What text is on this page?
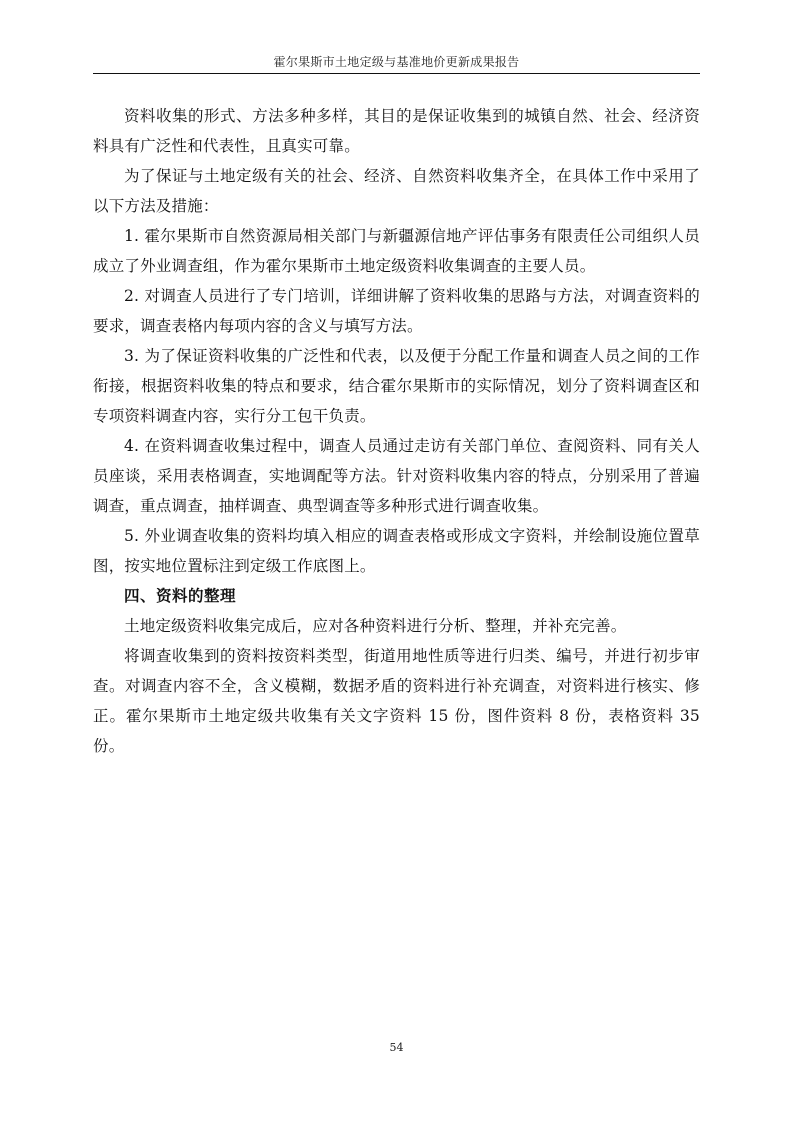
霍尔果斯市土地定级与基准地价更新成果报告

资料收集的形式、方法多种多样，其目的是保证收集到的城镇自然、社会、经济资料具有广泛性和代表性，且真实可靠。

为了保证与土地定级有关的社会、经济、自然资料收集齐全，在具体工作中采用了以下方法及措施：

1. 霍尔果斯市自然资源局相关部门与新疆源信地产评估事务有限责任公司组织人员成立了外业调查组，作为霍尔果斯市土地定级资料收集调查的主要人员。

2. 对调查人员进行了专门培训，详细讲解了资料收集的思路与方法，对调查资料的要求，调查表格内每项内容的含义与填写方法。

3. 为了保证资料收集的广泛性和代表，以及便于分配工作量和调查人员之间的工作衔接，根据资料收集的特点和要求，结合霍尔果斯市的实际情况，划分了资料调查区和专项资料调查内容，实行分工包干负责。

4. 在资料调查收集过程中，调查人员通过走访有关部门单位、查阅资料、同有关人员座谈，采用表格调查，实地调配等方法。针对资料收集内容的特点，分别采用了普遍调查，重点调查，抽样调查、典型调查等多种形式进行调查收集。

5. 外业调查收集的资料均填入相应的调查表格或形成文字资料，并绘制设施位置草图，按实地位置标注到定级工作底图上。

四、资料的整理

土地定级资料收集完成后，应对各种资料进行分析、整理，并补充完善。

将调查收集到的资料按资料类型，街道用地性质等进行归类、编号，并进行初步审查。对调查内容不全，含义模糊，数据矛盾的资料进行补充调查，对资料进行核实、修正。霍尔果斯市土地定级共收集有关文字资料 15 份，图件资料 8 份，表格资料 35 份。

54
